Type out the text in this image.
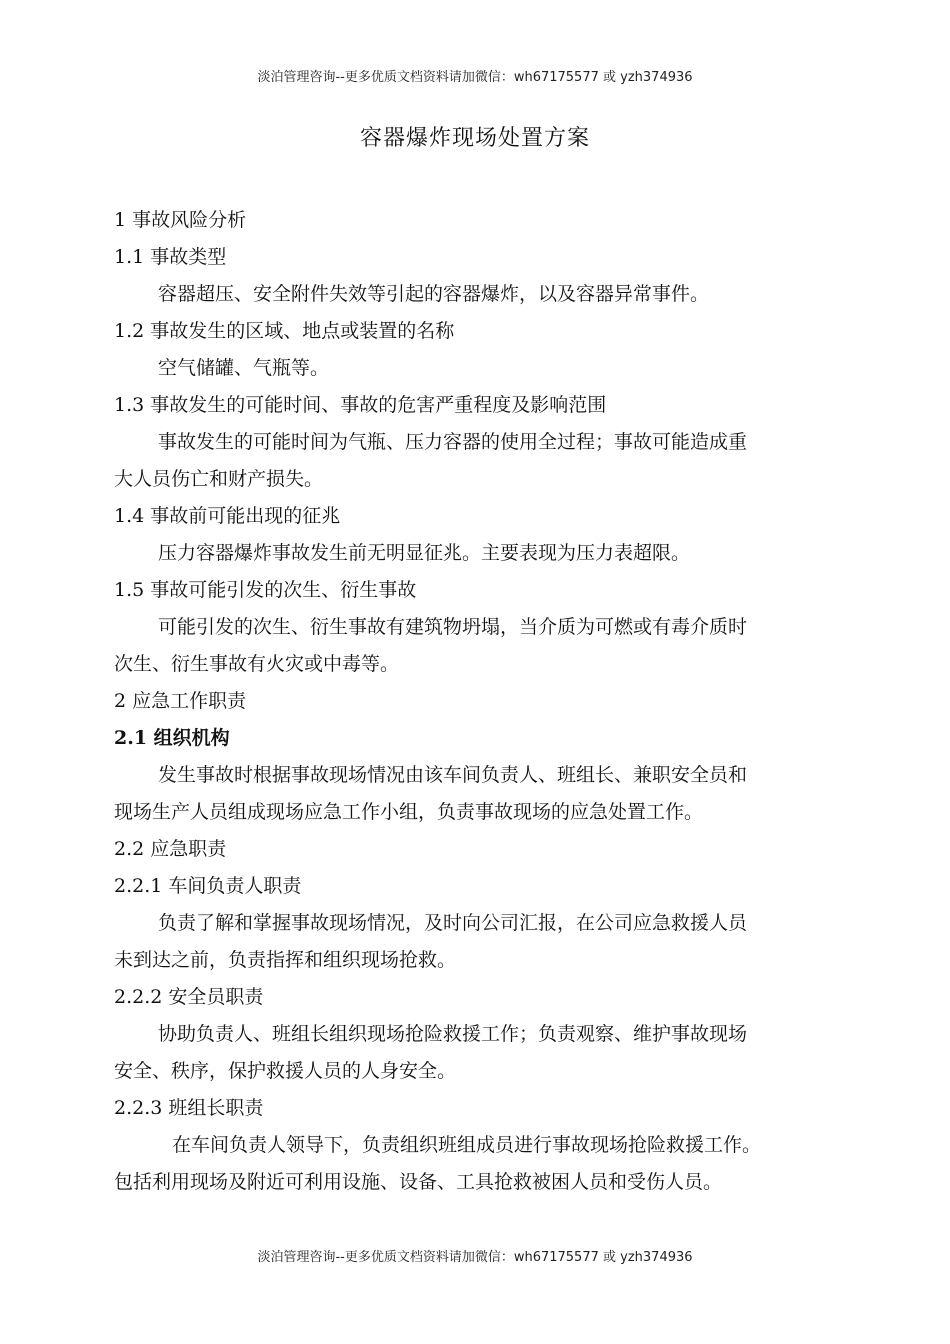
淡泊管理咨询--更多优质文档资料请加微信：wh67175577 或 yzh374936
容器爆炸现场处置方案
1 事故风险分析
1.1 事故类型
容器超压、安全附件失效等引起的容器爆炸，以及容器异常事件。
1.2 事故发生的区域、地点或装置的名称
空气储罐、气瓶等。
1.3 事故发生的可能时间、事故的危害严重程度及影响范围
事故发生的可能时间为气瓶、压力容器的使用全过程；事故可能造成重
大人员伤亡和财产损失。
1.4 事故前可能出现的征兆
压力容器爆炸事故发生前无明显征兆。主要表现为压力表超限。
1.5 事故可能引发的次生、衍生事故
可能引发的次生、衍生事故有建筑物坍塌，当介质为可燃或有毒介质时
次生、衍生事故有火灾或中毒等。
2 应急工作职责
2.1 组织机构
发生事故时根据事故现场情况由该车间负责人、班组长、兼职安全员和
现场生产人员组成现场应急工作小组，负责事故现场的应急处置工作。
2.2 应急职责
2.2.1 车间负责人职责
负责了解和掌握事故现场情况，及时向公司汇报，在公司应急救援人员
未到达之前，负责指挥和组织现场抢救。
2.2.2 安全员职责
协助负责人、班组长组织现场抢险救援工作；负责观察、维护事故现场
安全、秩序，保护救援人员的人身安全。
2.2.3 班组长职责
在车间负责人领导下，负责组织班组成员进行事故现场抢险救援工作。
包括利用现场及附近可利用设施、设备、工具抢救被困人员和受伤人员。
淡泊管理咨询--更多优质文档资料请加微信：wh67175577 或 yzh374936
